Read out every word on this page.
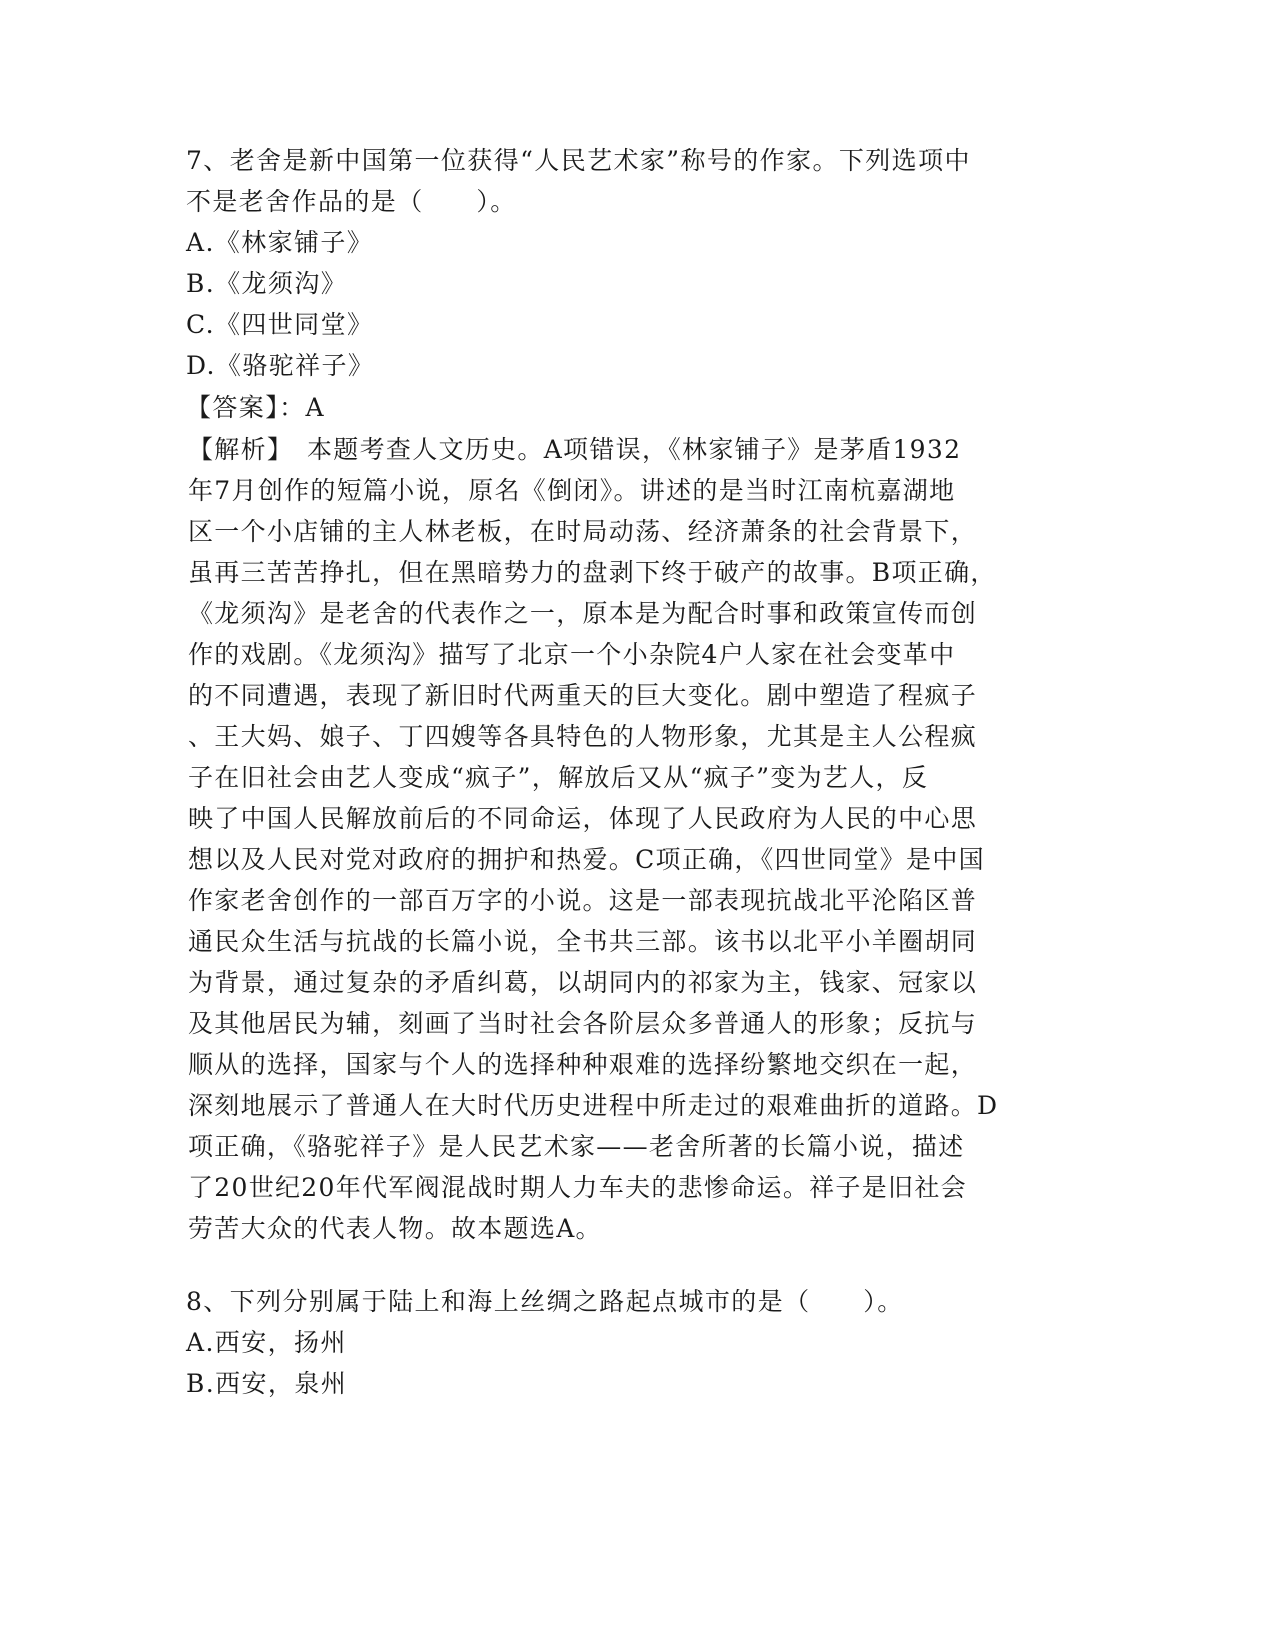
7、老舍是新中国第一位获得“人民艺术家”称号的作家。下列选项中
不是老舍作品的是（　　）。
A.《林家铺子》
B.《龙须沟》
C.《四世同堂》
D.《骆驼祥子》
【答案】：A
【解析】　本题考查人文历史。A项错误，《林家铺子》是茅盾1932
年7月创作的短篇小说，原名《倒闭》。讲述的是当时江南杭嘉湖地
区一个小店铺的主人林老板，在时局动荡、经济萧条的社会背景下，
虽再三苦苦挣扎，但在黑暗势力的盘剥下终于破产的故事。B项正确，
《龙须沟》是老舍的代表作之一，原本是为配合时事和政策宣传而创
作的戏剧。《龙须沟》描写了北京一个小杂院4户人家在社会变革中
的不同遭遇，表现了新旧时代两重天的巨大变化。剧中塑造了程疯子
、王大妈、娘子、丁四嫂等各具特色的人物形象，尤其是主人公程疯
子在旧社会由艺人变成“疯子”，解放后又从“疯子”变为艺人，反
映了中国人民解放前后的不同命运，体现了人民政府为人民的中心思
想以及人民对党对政府的拥护和热爱。C项正确，《四世同堂》是中国
作家老舍创作的一部百万字的小说。这是一部表现抗战北平沦陷区普
通民众生活与抗战的长篇小说，全书共三部。该书以北平小羊圈胡同
为背景，通过复杂的矛盾纠葛，以胡同内的祁家为主，钱家、冠家以
及其他居民为辅，刻画了当时社会各阶层众多普通人的形象；反抗与
顺从的选择，国家与个人的选择种种艰难的选择纷繁地交织在一起，
深刻地展示了普通人在大时代历史进程中所走过的艰难曲折的道路。D
项正确，《骆驼祥子》是人民艺术家——老舍所著的长篇小说，描述
了20世纪20年代军阀混战时期人力车夫的悲惨命运。祥子是旧社会
劳苦大众的代表人物。故本题选A。
8、下列分别属于陆上和海上丝绸之路起点城市的是（　　）。
A.西安，扬州
B.西安，泉州
